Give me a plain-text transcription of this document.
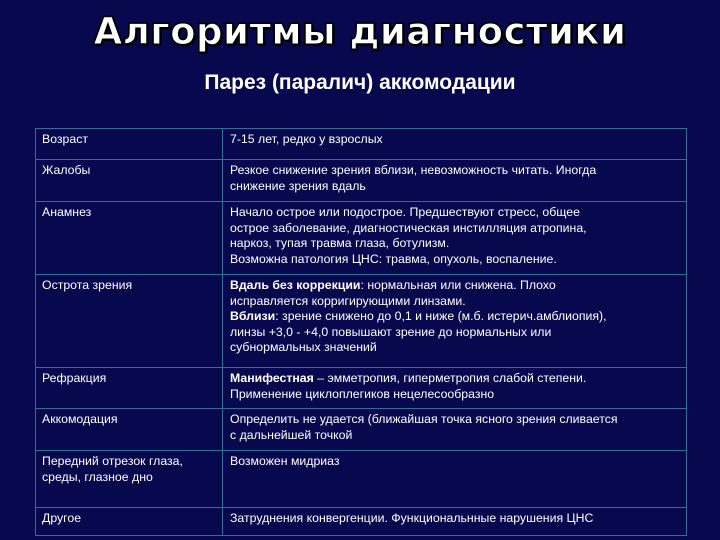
Алгоритмы диагностики
Парез (паралич) аккомодации
Возраст	7-15 лет, редко у взрослых
Жалобы	Резкое снижение зрения вблизи, невозможность читать. Иногда
снижение зрения вдаль
Анамнез	Начало острое или подострое. Предшествуют стресс, общее
острое заболевание, диагностическая инстилляция атропина,
наркоз, тупая травма глаза, ботулизм.
Возможна патология ЦНС: травма, опухоль, воспаление.
Острота зрения	Вдаль без коррекции: нормальная или снижена. Плохо
исправляется корригирующими линзами.
Вблизи: зрение снижено до 0,1 и ниже (м.б. истерич.амблиопия),
линзы +3,0 - +4,0 повышают зрение до нормальных или
субнормальных значений
Рефракция	Манифестная – эмметропия, гиперметропия слабой степени.
Применение циклоплегиков нецелесообразно
Аккомодация	Определить не удается (ближайшая точка ясного зрения сливается
с дальнейшей точкой
Передний отрезок глаза,
среды, глазное дно	Возможен мидриаз
Другое	Затруднения конвергенции. Функциональнные нарушения ЦНС
